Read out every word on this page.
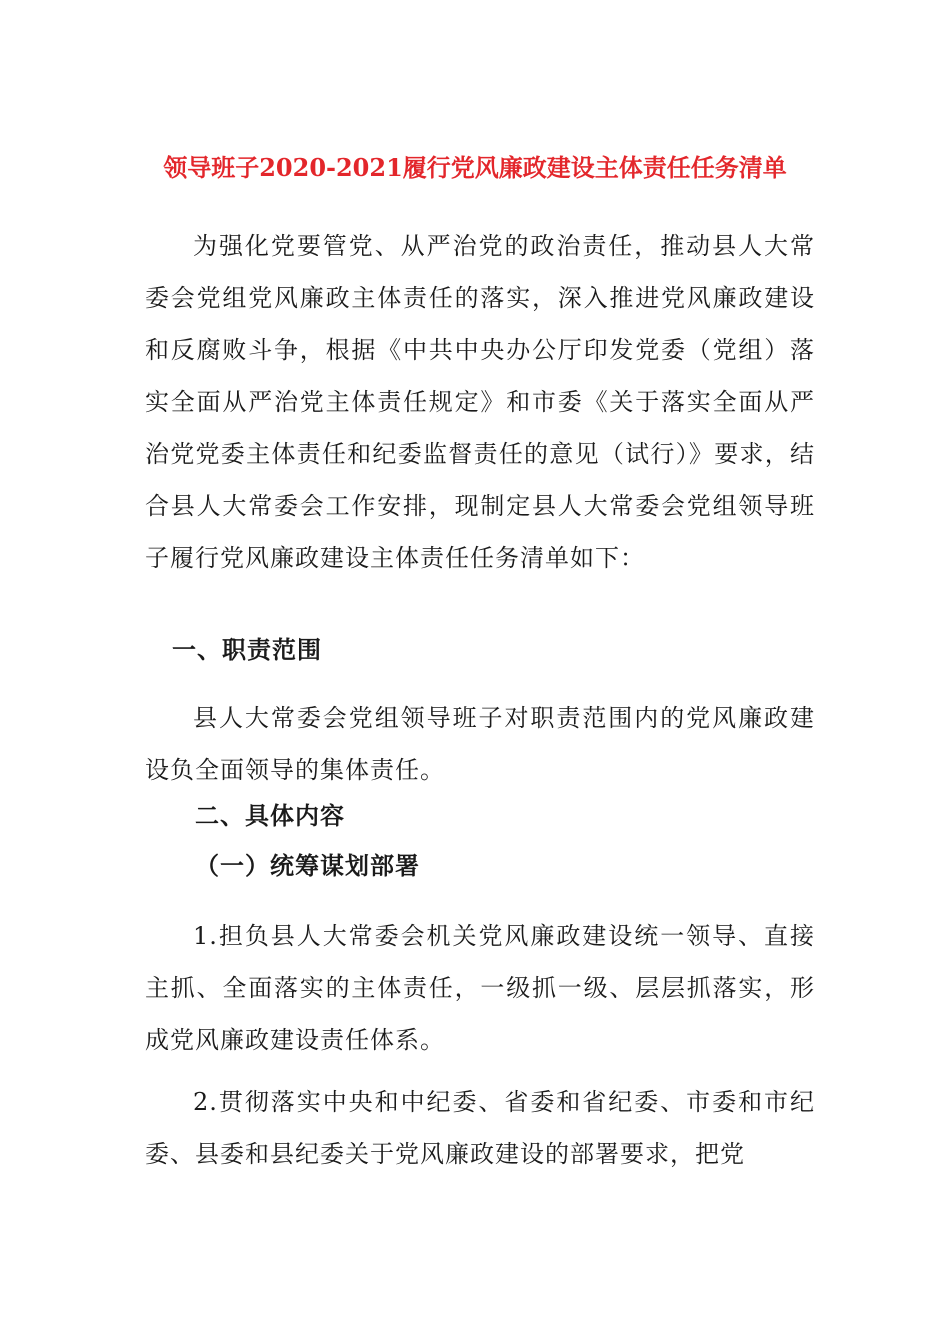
领导班子2020-2021履行党风廉政建设主体责任任务清单

为强化党要管党、从严治党的政治责任，推动县人大常委会党组党风廉政主体责任的落实，深入推进党风廉政建设和反腐败斗争，根据《中共中央办公厅印发党委（党组）落实全面从严治党主体责任规定》和市委《关于落实全面从严治党党委主体责任和纪委监督责任的意见（试行）》要求，结合县人大常委会工作安排，现制定县人大常委会党组领导班子履行党风廉政建设主体责任任务清单如下：

一、职责范围

县人大常委会党组领导班子对职责范围内的党风廉政建设负全面领导的集体责任。

二、具体内容
（一）统筹谋划部署

1.担负县人大常委会机关党风廉政建设统一领导、直接主抓、全面落实的主体责任，一级抓一级、层层抓落实，形成党风廉政建设责任体系。

2.贯彻落实中央和中纪委、省委和省纪委、市委和市纪委、县委和县纪委关于党风廉政建设的部署要求，把党
